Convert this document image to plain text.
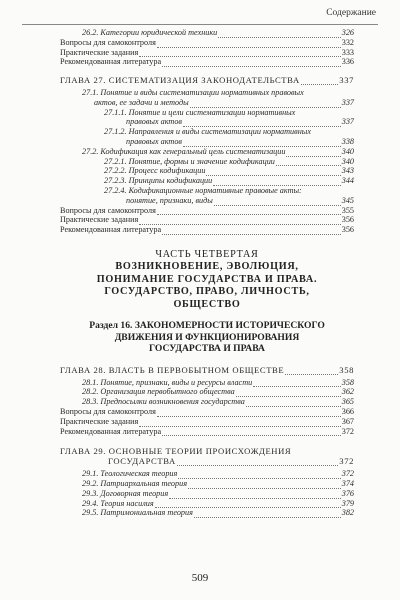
Содержание
26.2. Категории юридической техники	326
Вопросы для самоконтроля	332
Практические задания	333
Рекомендованная литература	336
ГЛАВА 27. СИСТЕМАТИЗАЦИЯ ЗАКОНОДАТЕЛЬСТВА	337
27.1. Понятие и виды систематизации нормативных правовых
актов, ее задачи и методы	337
27.1.1. Понятие и цели систематизации нормативных
правовых актов	337
27.1.2. Направления и виды систематизации нормативных
правовых актов	338
27.2. Кодификация как генеральный цель систематизации	340
27.2.1. Понятие, формы и значение кодификации	340
27.2.2. Процесс кодификации	343
27.2.3. Принципы кодификации	344
27.2.4. Кодификационные нормативные правовые акты:
понятие, признаки, виды	345
Вопросы для самоконтроля	355
Практические задания	356
Рекомендованная литература	356
ЧАСТЬ ЧЕТВЕРТАЯ
ВОЗНИКНОВЕНИЕ, ЭВОЛЮЦИЯ,
ПОНИМАНИЕ ГОСУДАРСТВА И ПРАВА.
ГОСУДАРСТВО, ПРАВО, ЛИЧНОСТЬ,
ОБЩЕСТВО
Раздел 16. ЗАКОНОМЕРНОСТИ ИСТОРИЧЕСКОГО
ДВИЖЕНИЯ И ФУНКЦИОНИРОВАНИЯ
ГОСУДАРСТВА И ПРАВА
ГЛАВА 28. ВЛАСТЬ В ПЕРВОБЫТНОМ ОБЩЕСТВЕ	358
28.1. Понятие, признаки, виды и ресурсы власти	358
28.2. Организация первобытного общества	362
28.3. Предпосылки возникновения государства	365
Вопросы для самоконтроля	366
Практические задания	367
Рекомендованная литература	372
ГЛАВА 29. ОСНОВНЫЕ ТЕОРИИ ПРОИСХОЖДЕНИЯ
ГОСУДАРСТВА	372
29.1. Теологическая теория	372
29.2. Патриархальная теория	374
29.3. Договорная теория	376
29.4. Теория насилия	379
29.5. Патримониальная теория	382
509
